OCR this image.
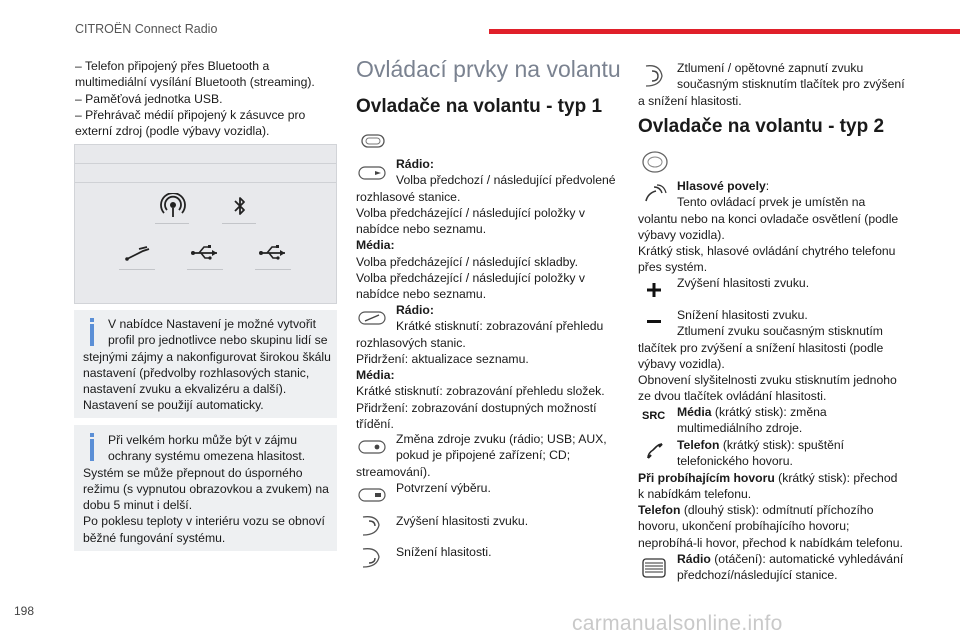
CITROËN Connect Radio
– Telefon připojený přes Bluetooth a
multimediální vysílání Bluetooth (streaming).
– Paměťová jednotka USB.
– Přehrávač médií připojený k zásuvce pro
externí zdroj (podle výbavy vozidla).
V nabídce Nastavení je možné vytvořit
profil pro jednotlivce nebo skupinu lidí se
stejnými zájmy a nakonfigurovat širokou škálu
nastavení (předvolby rozhlasových stanic,
nastavení zvuku a ekvalizéru a další).
Nastavení se použijí automaticky.
Při velkém horku může být v zájmu
ochrany systému omezena hlasitost.
Systém se může přepnout do úsporného
režimu (s vypnutou obrazovkou a zvukem) na
dobu 5 minut i delší.
Po poklesu teploty v interiéru vozu se obnoví
běžné fungování systému.
Ovládací prvky na volantu
Ovladače na volantu - typ 1
Rádio:
Volba předchozí / následující předvolené
rozhlasové stanice.
Volba předcházející / následující položky v
nabídce nebo seznamu.
Média:
Volba předcházející / následující skladby.
Volba předcházející / následující položky v
nabídce nebo seznamu.
Rádio:
Krátké stisknutí: zobrazování přehledu
rozhlasových stanic.
Přidržení: aktualizace seznamu.
Média:
Krátké stisknutí: zobrazování přehledu složek.
Přidržení: zobrazování dostupných možností
třídění.
Změna zdroje zvuku (rádio; USB; AUX,
pokud je připojené zařízení; CD;
streamování).
Potvrzení výběru.
Zvýšení hlasitosti zvuku.
Snížení hlasitosti.
Ztlumení / opětovné zapnutí zvuku
současným stisknutím tlačítek pro zvýšení
a snížení hlasitosti.
Ovladače na volantu - typ 2
Hlasové povely:
Tento ovládací prvek je umístěn na
volantu nebo na konci ovladače osvětlení (podle
výbavy vozidla).
Krátký stisk, hlasové ovládání chytrého telefonu
přes systém.
Zvýšení hlasitosti zvuku.
Snížení hlasitosti zvuku.
Ztlumení zvuku současným stisknutím
tlačítek pro zvýšení a snížení hlasitosti (podle
výbavy vozidla).
Obnovení slyšitelnosti zvuku stisknutím jednoho
ze dvou tlačítek ovládání hlasitosti.
SRC Média (krátký stisk): změna
multimediálního zdroje.
Telefon (krátký stisk): spuštění
telefonického hovoru.
Při probíhajícím hovoru (krátký stisk): přechod
k nabídkám telefonu.
Telefon (dlouhý stisk): odmítnutí příchozího
hovoru, ukončení probíhajícího hovoru;
neprobíhá-li hovor, přechod k nabídkám telefonu.
Rádio (otáčení): automatické vyhledávání
předchozí/následující stanice.
198
carmanualsonline.info
